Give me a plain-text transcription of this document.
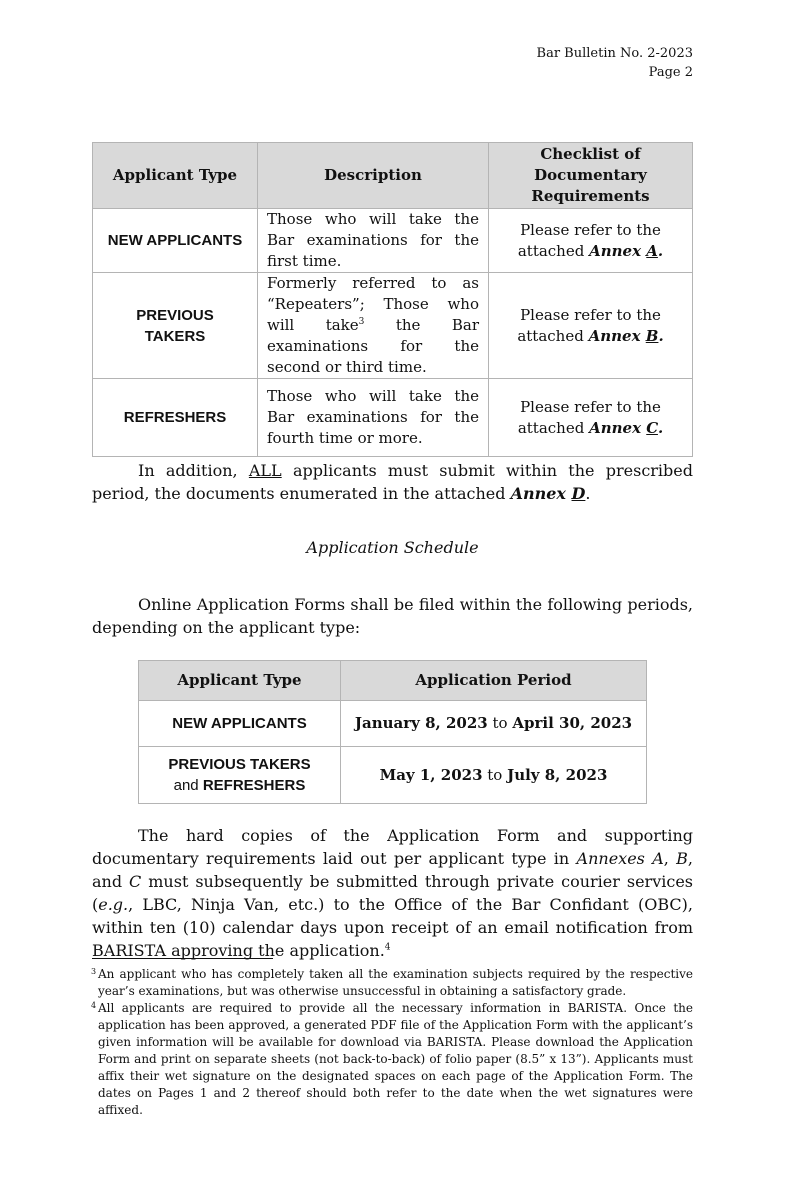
Bar Bulletin No. 2-2023
Page 2
Applicant Type	Description	Checklist of Documentary Requirements
NEW APPLICANTS	Those who will take the Bar examinations for the first time.	Please refer to the attached Annex A.
PREVIOUS
TAKERS	Formerly referred to as “Repeaters”; Those who will take$^3$ the Bar examinations for the second or third time.	Please refer to the attached Annex B.
REFRESHERS	Those who will take the Bar examinations for the fourth time or more.	Please refer to the attached Annex C.

In addition, ALL applicants must submit within the prescribed period, the documents enumerated in the attached Annex D.

Application Schedule

Online Application Forms shall be filed within the following periods, depending on the applicant type:

Applicant Type	Application Period
NEW APPLICANTS	January 8, 2023 to April 30, 2023
PREVIOUS TAKERS
and REFRESHERS	May 1, 2023 to July 8, 2023

The hard copies of the Application Form and supporting documentary requirements laid out per applicant type in Annexes A, B, and C must subsequently be submitted through private courier services (e.g., LBC, Ninja Van, etc.) to the Office of the Bar Confidant (OBC), within ten (10) calendar days upon receipt of an email notification from BARISTA approving the application.$^4$

3 An applicant who has completely taken all the examination subjects required by the respective year’s examinations, but was otherwise unsuccessful in obtaining a satisfactory grade.

4 All applicants are required to provide all the necessary information in BARISTA. Once the application has been approved, a generated PDF file of the Application Form with the applicant’s given information will be available for download via BARISTA. Please download the Application Form and print on separate sheets (not back-to-back) of folio paper (8.5” x 13”). Applicants must affix their wet signature on the designated spaces on each page of the Application Form. The dates on Pages 1 and 2 thereof should both refer to the date when the wet signatures were affixed.
